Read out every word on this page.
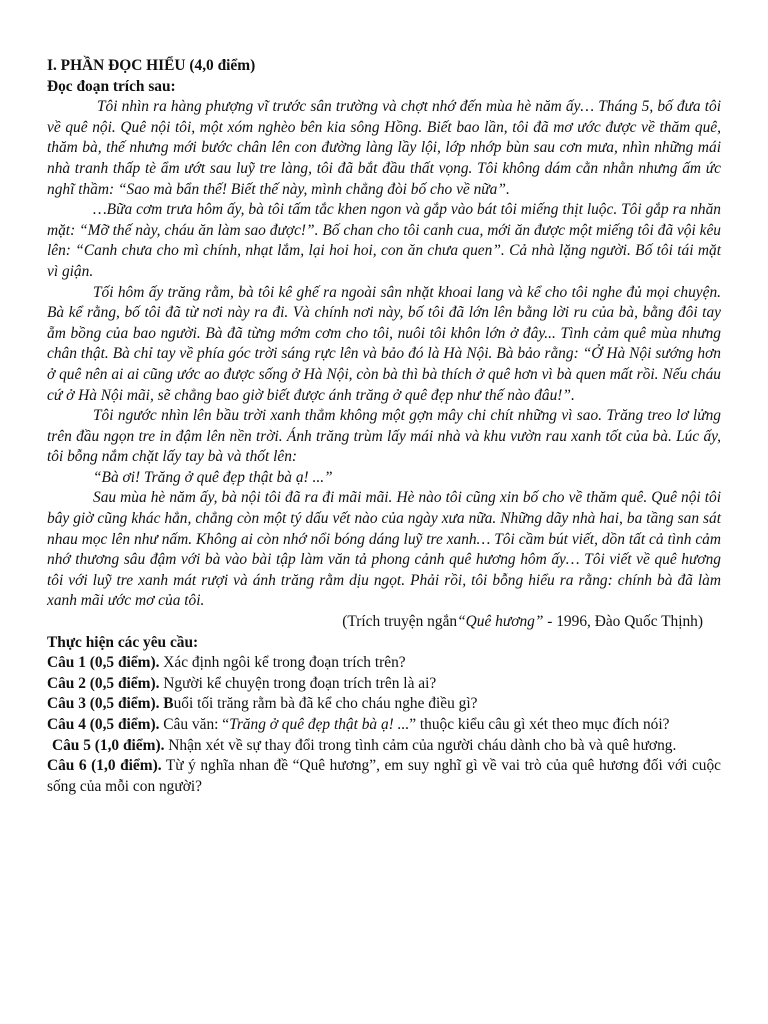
I. PHẦN ĐỌC HIỂU (4,0 điểm)

Đọc đoạn trích sau:

Tôi nhìn ra hàng phượng vĩ trước sân trường và chợt nhớ đến mùa hè năm ấy… Tháng 5, bố đưa tôi về quê nội. Quê nội tôi, một xóm nghèo bên kia sông Hồng. Biết bao lần, tôi đã mơ ước được về thăm quê, thăm bà, thế nhưng mới bước chân lên con đường làng lầy lội, lớp nhớp bùn sau cơn mưa, nhìn những mái nhà tranh thấp tè ẩm ướt sau luỹ tre làng, tôi đã bắt đầu thất vọng. Tôi không dám cằn nhằn nhưng ấm ức nghĩ thầm: “Sao mà bẩn thế! Biết thế này, mình chẳng đòi bố cho về nữa”.

…Bữa cơm trưa hôm ấy, bà tôi tấm tắc khen ngon và gắp vào bát tôi miếng thịt luộc. Tôi gắp ra nhăn mặt: “Mỡ thế này, cháu ăn làm sao được!”. Bố chan cho tôi canh cua, mới ăn được một miếng tôi đã vội kêu lên: “Canh chưa cho mì chính, nhạt lắm, lại hoi hoi, con ăn chưa quen”. Cả nhà lặng người. Bố tôi tái mặt vì giận.

Tối hôm ấy trăng rằm, bà tôi kê ghế ra ngoài sân nhặt khoai lang và kể cho tôi nghe đủ mọi chuyện. Bà kể rằng, bố tôi đã từ nơi này ra đi. Và chính nơi này, bố tôi đã lớn lên bằng lời ru của bà, bằng đôi tay ẵm bồng của bao người. Bà đã từng mớm cơm cho tôi, nuôi tôi khôn lớn ở đây... Tình cảm quê mùa nhưng chân thật. Bà chỉ tay về phía góc trời sáng rực lên và bảo đó là Hà Nội. Bà bảo rằng: “Ở Hà Nội sướng hơn ở quê nên ai ai cũng ước ao được sống ở Hà Nội, còn bà thì bà thích ở quê hơn vì bà quen mất rồi. Nếu cháu cứ ở Hà Nội mãi, sẽ chẳng bao giờ biết được ánh trăng ở quê đẹp như thế nào đâu!”.

Tôi ngước nhìn lên bầu trời xanh thẳm không một gợn mây chi chít những vì sao. Trăng treo lơ lửng trên đầu ngọn tre in đậm lên nền trời. Ánh trăng trùm lấy mái nhà và khu vườn rau xanh tốt của bà. Lúc ấy, tôi bỗng nắm chặt lấy tay bà và thốt lên:

“Bà ơi! Trăng ở quê đẹp thật bà ạ! ...”

Sau mùa hè năm ấy, bà nội tôi đã ra đi mãi mãi. Hè nào tôi cũng xin bố cho về thăm quê. Quê nội tôi bây giờ cũng khác hẳn, chẳng còn một tý dấu vết nào của ngày xưa nữa. Những dãy nhà hai, ba tầng san sát nhau mọc lên như nấm. Không ai còn nhớ nổi bóng dáng luỹ tre xanh… Tôi cầm bút viết, dồn tất cả tình cảm nhớ thương sâu đậm với bà vào bài tập làm văn tả phong cảnh quê hương hôm ấy… Tôi viết về quê hương tôi với luỹ tre xanh mát rượi và ánh trăng rằm dịu ngọt. Phải rồi, tôi bỗng hiểu ra rằng: chính bà đã làm xanh mãi ước mơ của tôi.

(Trích truyện ngắn“Quê hương” - 1996, Đào Quốc Thịnh)

Thực hiện các yêu cầu:

Câu 1 (0,5 điểm). Xác định ngôi kể trong đoạn trích trên?

Câu 2 (0,5 điểm). Người kể chuyện trong đoạn trích trên là ai?

Câu 3 (0,5 điểm). Buổi tối trăng rằm bà đã kể cho cháu nghe điều gì?

Câu 4 (0,5 điểm). Câu văn: “Trăng ở quê đẹp thật bà ạ! ...” thuộc kiểu câu gì xét theo mục đích nói?

Câu 5 (1,0 điểm). Nhận xét về sự thay đổi trong tình cảm của người cháu dành cho bà và quê hương.

Câu 6 (1,0 điểm). Từ ý nghĩa nhan đề “Quê hương”, em suy nghĩ gì về vai trò của quê hương đối với cuộc sống của mỗi con người?
